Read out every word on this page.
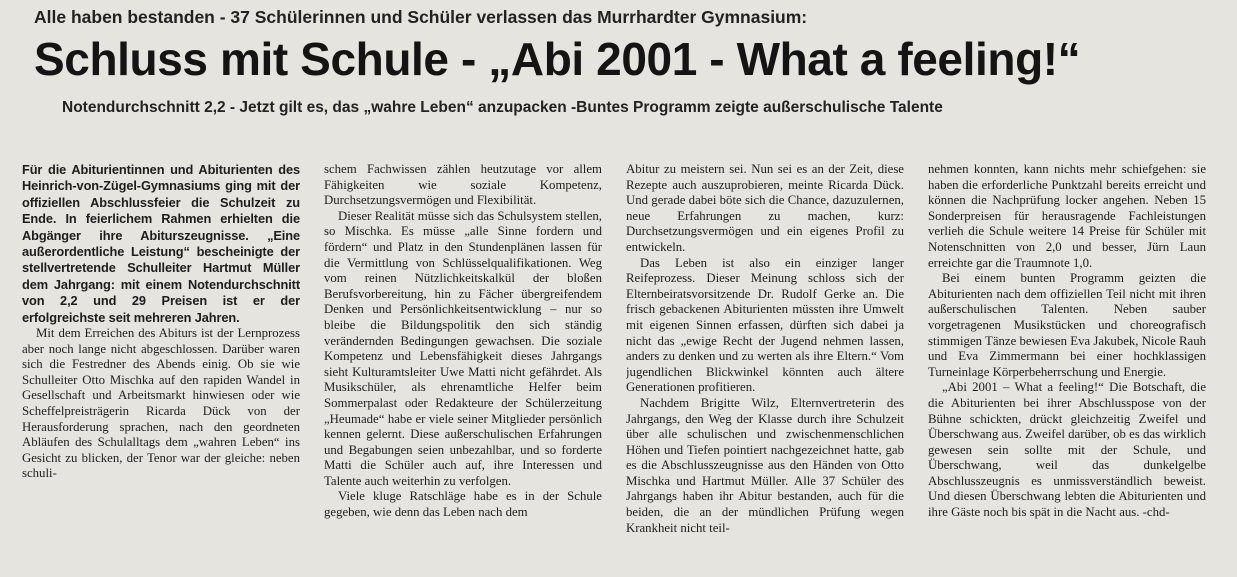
Alle haben bestanden - 37 Schülerinnen und Schüler verlassen das Murrhardter Gymnasium:
Schluss mit Schule - „Abi 2001 - What a feeling!“
Notendurchschnitt 2,2 - Jetzt gilt es, das „wahre Leben“ anzupacken -Buntes Programm zeigte außerschulische Talente

Für die Abiturientinnen und Abiturienten des Heinrich-von-Zügel-Gymnasiums ging mit der offiziellen Abschlussfeier die Schulzeit zu Ende. In feierlichem Rahmen erhielten die Abgänger ihre Abiturszeugnisse. „Eine außerordentliche Leistung“ bescheinigte der stellvertretende Schulleiter Hartmut Müller dem Jahrgang: mit einem Notendurchschnitt von 2,2 und 29 Preisen ist er der erfolgreichste seit mehreren Jahren.

Mit dem Erreichen des Abiturs ist der Lernprozess aber noch lange nicht abgeschlossen. Darüber waren sich die Festredner des Abends einig. Ob sie wie Schulleiter Otto Mischka auf den rapiden Wandel in Gesellschaft und Arbeitsmarkt hinwiesen oder wie Scheffelpreisträgerin Ricarda Dück von der Herausforderung sprachen, nach den geordneten Abläufen des Schulalltags dem „wahren Leben“ ins Gesicht zu blicken, der Tenor war der gleiche: neben schuli-

schem Fachwissen zählen heutzutage vor allem Fähigkeiten wie soziale Kompetenz, Durchsetzungsvermögen und Flexibilität.

Dieser Realität müsse sich das Schulsystem stellen, so Mischka. Es müsse „alle Sinne fordern und fördern“ und Platz in den Stundenplänen lassen für die Vermittlung von Schlüsselqualifikationen. Weg vom reinen Nützlichkeitskalkül der bloßen Berufsvorbereitung, hin zu Fächer übergreifendem Denken und Persönlichkeitsentwicklung – nur so bleibe die Bildungspolitik den sich ständig verändernden Bedingungen gewachsen. Die soziale Kompetenz und Lebensfähigkeit dieses Jahrgangs sieht Kulturamtsleiter Uwe Matti nicht gefährdet. Als Musikschüler, als ehrenamtliche Helfer beim Sommerpalast oder Redakteure der Schülerzeitung „Heumade“ habe er viele seiner Mitglieder persönlich kennen gelernt. Diese außerschulischen Erfahrungen und Begabungen seien unbezahlbar, und so forderte Matti die Schüler auch auf, ihre Interessen und Talente auch weiterhin zu verfolgen.

Viele kluge Ratschläge habe es in der Schule gegeben, wie denn das Leben nach dem

Abitur zu meistern sei. Nun sei es an der Zeit, diese Rezepte auch auszuprobieren, meinte Ricarda Dück. Und gerade dabei böte sich die Chance, dazuzulernen, neue Erfahrungen zu machen, kurz: Durchsetzungsvermögen und ein eigenes Profil zu entwickeln.

Das Leben ist also ein einziger langer Reifeprozess. Dieser Meinung schloss sich der Elternbeiratsvorsitzende Dr. Rudolf Gerke an. Die frisch gebackenen Abiturienten müssten ihre Umwelt mit eigenen Sinnen erfassen, dürften sich dabei ja nicht das „ewige Recht der Jugend nehmen lassen, anders zu denken und zu werten als ihre Eltern.“ Vom jugendlichen Blickwinkel könnten auch ältere Generationen profitieren.

Nachdem Brigitte Wilz, Elternvertreterin des Jahrgangs, den Weg der Klasse durch ihre Schulzeit über alle schulischen und zwischenmenschlichen Höhen und Tiefen pointiert nachgezeichnet hatte, gab es die Abschlusszeugnisse aus den Händen von Otto Mischka und Hartmut Müller. Alle 37 Schüler des Jahrgangs haben ihr Abitur bestanden, auch für die beiden, die an der mündlichen Prüfung wegen Krankheit nicht teil-

nehmen konnten, kann nichts mehr schiefgehen: sie haben die erforderliche Punktzahl bereits erreicht und können die Nachprüfung locker angehen. Neben 15 Sonderpreisen für herausragende Fachleistungen verlieh die Schule weitere 14 Preise für Schüler mit Notenschnitten von 2,0 und besser, Jürn Laun erreichte gar die Traumnote 1,0.

Bei einem bunten Programm geizten die Abiturienten nach dem offiziellen Teil nicht mit ihren außerschulischen Talenten. Neben sauber vorgetragenen Musikstücken und choreografisch stimmigen Tänze bewiesen Eva Jakubek, Nicole Rauh und Eva Zimmermann bei einer hochklassigen Turneinlage Körperbeherrschung und Energie.

„Abi 2001 – What a feeling!“ Die Botschaft, die die Abiturienten bei ihrer Abschlusspose von der Bühne schickten, drückt gleichzeitig Zweifel und Überschwang aus. Zweifel darüber, ob es das wirklich gewesen sein sollte mit der Schule, und Überschwang, weil das dunkelgelbe Abschlusszeugnis es unmissverständlich beweist. Und diesen Überschwang lebten die Abiturienten und ihre Gäste noch bis spät in die Nacht aus. -chd-
